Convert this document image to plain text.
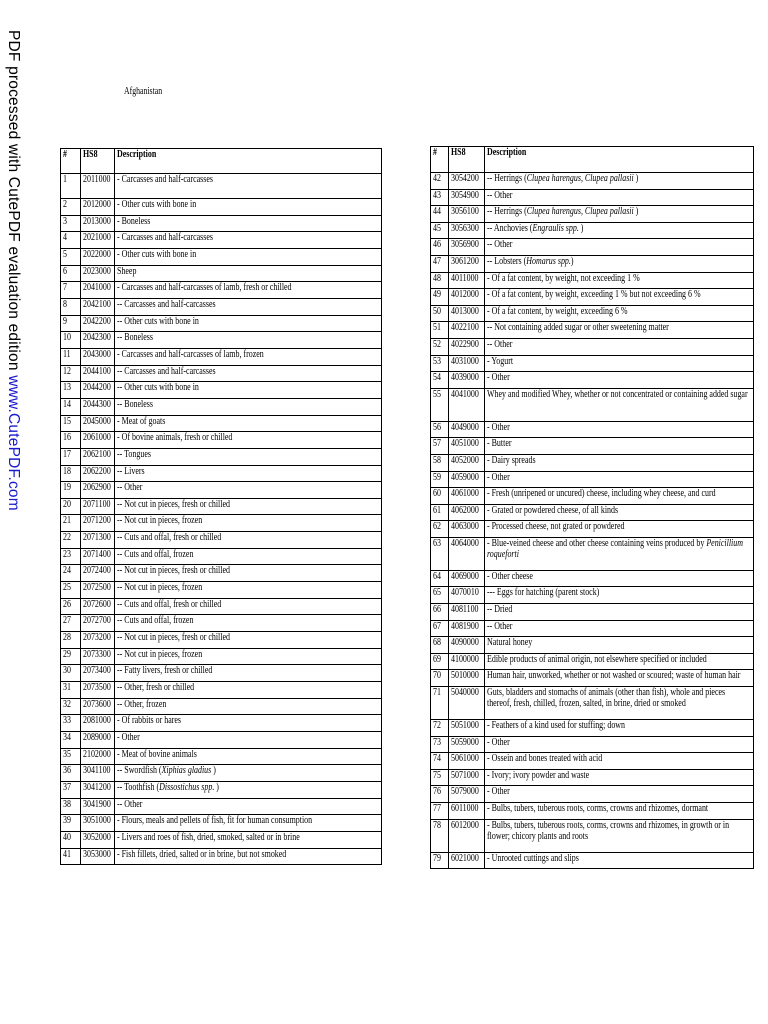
PDF processed with CutePDF evaluation edition www.CutePDF.com
Afghanistan
#	HS8	Description
1	2011000	- Carcasses and half-carcasses
2	2012000	- Other cuts with bone in
3	2013000	- Boneless
4	2021000	- Carcasses and half-carcasses
5	2022000	- Other cuts with bone in
6	2023000	Sheep
7	2041000	- Carcasses and half-carcasses of lamb, fresh or chilled
8	2042100	-- Carcasses and half-carcasses
9	2042200	-- Other cuts with bone in
10	2042300	-- Boneless
11	2043000	- Carcasses and half-carcasses of lamb, frozen
12	2044100	-- Carcasses and half-carcasses
13	2044200	-- Other cuts with bone in
14	2044300	-- Boneless
15	2045000	- Meat of goats
16	2061000	- Of bovine animals, fresh or chilled
17	2062100	-- Tongues
18	2062200	-- Livers
19	2062900	-- Other
20	2071100	-- Not cut in pieces, fresh or chilled
21	2071200	-- Not cut in pieces, frozen
22	2071300	-- Cuts and offal, fresh or chilled
23	2071400	-- Cuts and offal, frozen
24	2072400	-- Not cut in pieces, fresh or chilled
25	2072500	-- Not cut in pieces, frozen
26	2072600	-- Cuts and offal, fresh or chilled
27	2072700	-- Cuts and offal, frozen
28	2073200	-- Not cut in pieces, fresh or chilled
29	2073300	-- Not cut in pieces, frozen
30	2073400	-- Fatty livers, fresh or chilled
31	2073500	-- Other, fresh or chilled
32	2073600	-- Other, frozen
33	2081000	- Of rabbits or hares
34	2089000	- Other
35	2102000	- Meat of bovine animals
36	3041100	-- Swordfish (Xiphias gladius )
37	3041200	-- Toothfish (Dissostichus spp. )
38	3041900	-- Other
39	3051000	- Flours, meals and pellets of fish, fit for human consumption
40	3052000	- Livers and roes of fish, dried, smoked, salted or in brine
41	3053000	- Fish fillets, dried, salted or in brine, but not smoked
#	HS8	Description
42	3054200	-- Herrings (Clupea harengus, Clupea pallasii )
43	3054900	-- Other
44	3056100	-- Herrings (Clupea harengus, Clupea pallasii )
45	3056300	-- Anchovies (Engraulis spp. )
46	3056900	-- Other
47	3061200	-- Lobsters (Homarus spp.)
48	4011000	- Of a fat content, by weight, not exceeding 1 %
49	4012000	- Of a fat content, by weight, exceeding 1 % but not exceeding 6 %
50	4013000	- Of a fat content, by weight, exceeding 6 %
51	4022100	-- Not containing added sugar or other sweetening matter
52	4022900	-- Other
53	4031000	- Yogurt
54	4039000	- Other
55	4041000	Whey and modified Whey, whether or not concentrated or containing added sugar
56	4049000	- Other
57	4051000	- Butter
58	4052000	- Dairy spreads
59	4059000	- Other
60	4061000	- Fresh (unripened or uncured) cheese, including whey cheese, and curd
61	4062000	- Grated or powdered cheese, of all kinds
62	4063000	- Processed cheese, not grated or powdered
63	4064000	- Blue-veined cheese and other cheese containing veins produced by Penicillium roqueforti
64	4069000	- Other cheese
65	4070010	--- Eggs for hatching (parent stock)
66	4081100	-- Dried
67	4081900	-- Other
68	4090000	Natural honey
69	4100000	Edible products of animal origin, not elsewhere specified or included
70	5010000	Human hair, unworked, whether or not washed or scoured; waste of human hair
71	5040000	Guts, bladders and stomachs of animals (other than fish), whole and pieces thereof, fresh, chilled, frozen, salted, in brine, dried or smoked
72	5051000	- Feathers of a kind used for stuffing; down
73	5059000	- Other
74	5061000	- Ossein and bones treated with acid
75	5071000	- Ivory; ivory powder and waste
76	5079000	- Other
77	6011000	- Bulbs, tubers, tuberous roots, corms, crowns and rhizomes, dormant
78	6012000	- Bulbs, tubers, tuberous roots, corms, crowns and rhizomes, in growth or in flower; chicory plants and roots
79	6021000	- Unrooted cuttings and slips
